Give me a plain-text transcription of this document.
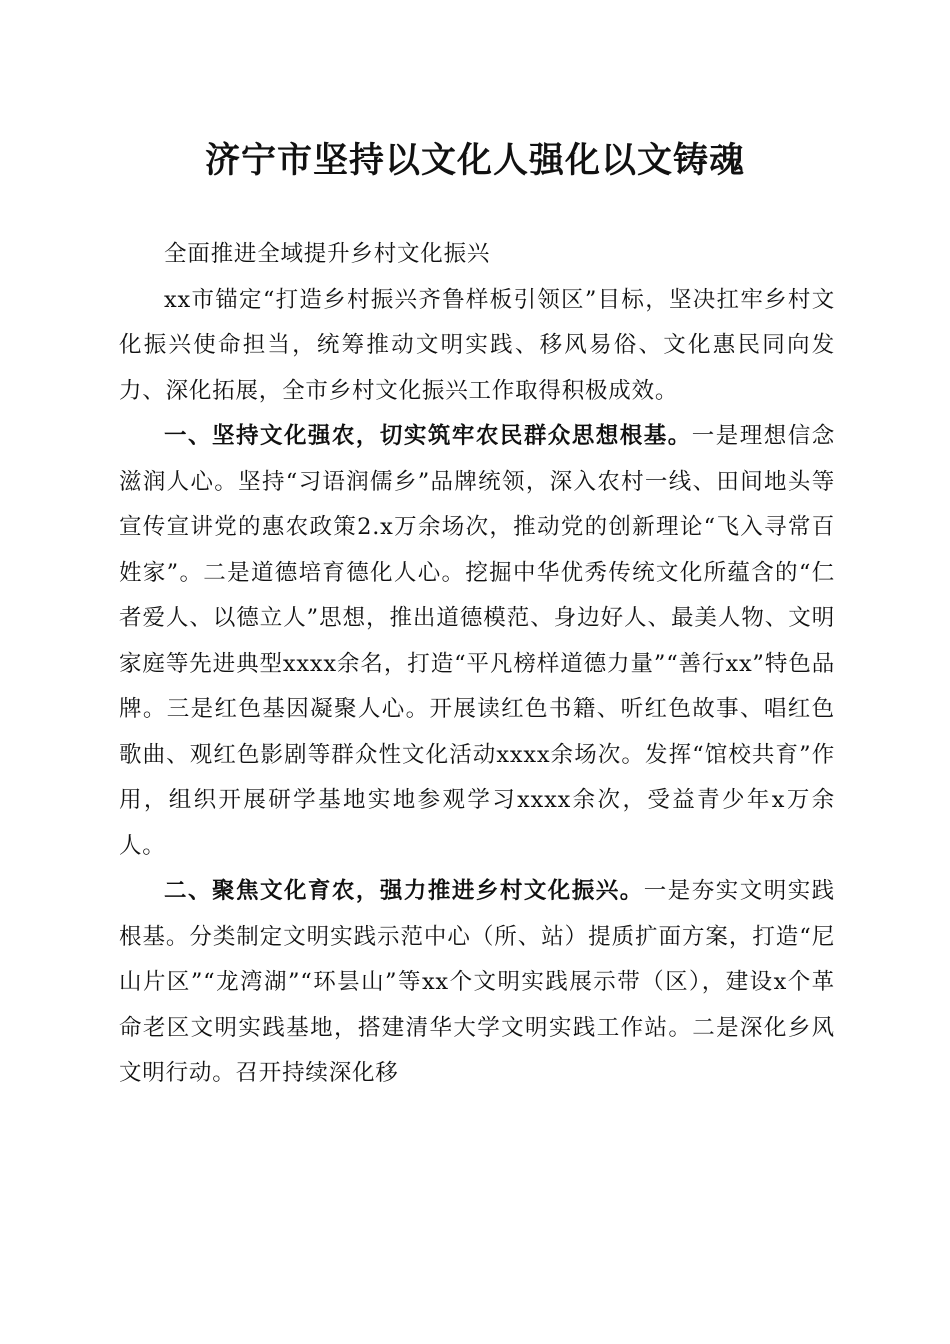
济宁市坚持以文化人强化以文铸魂

全面推进全域提升乡村文化振兴

xx市锚定“打造乡村振兴齐鲁样板引领区”目标，坚决扛牢乡村文化振兴使命担当，统筹推动文明实践、移风易俗、文化惠民同向发力、深化拓展，全市乡村文化振兴工作取得积极成效。

一、坚持文化强农，切实筑牢农民群众思想根基。一是理想信念滋润人心。坚持“习语润儒乡”品牌统领，深入农村一线、田间地头等宣传宣讲党的惠农政策2.x万余场次，推动党的创新理论“飞入寻常百姓家”。二是道德培育德化人心。挖掘中华优秀传统文化所蕴含的“仁者爱人、以德立人”思想，推出道德模范、身边好人、最美人物、文明家庭等先进典型xxxx余名，打造“平凡榜样道德力量”“善行xx”特色品牌。三是红色基因凝聚人心。开展读红色书籍、听红色故事、唱红色歌曲、观红色影剧等群众性文化活动xxxx余场次。发挥“馆校共育”作用，组织开展研学基地实地参观学习xxxx余次，受益青少年x万余人。

二、聚焦文化育农，强力推进乡村文化振兴。一是夯实文明实践根基。分类制定文明实践示范中心（所、站）提质扩面方案，打造“尼山片区”“龙湾湖”“环昙山”等xx个文明实践展示带（区），建设x个革命老区文明实践基地，搭建清华大学文明实践工作站。二是深化乡风文明行动。召开持续深化移
